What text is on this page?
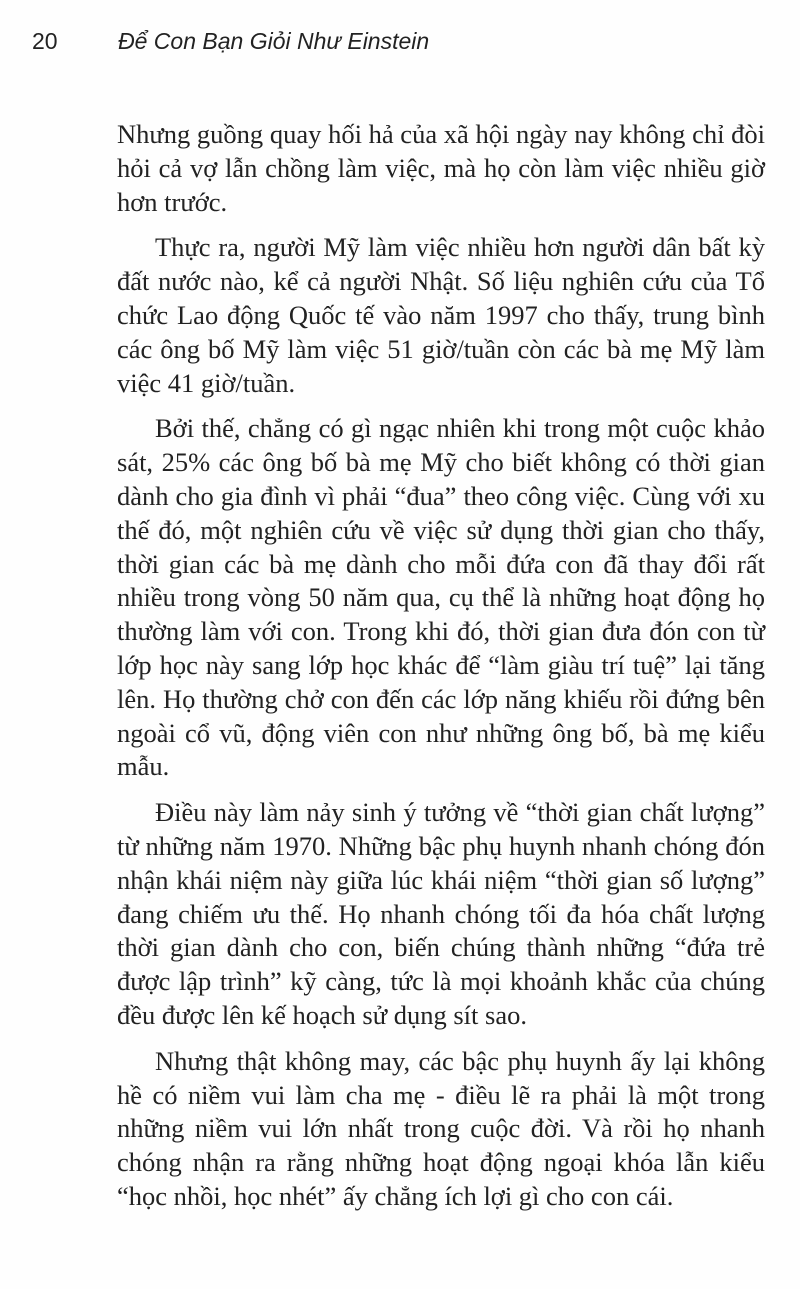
20	Để Con Bạn Giỏi Như Einstein

Nhưng guồng quay hối hả của xã hội ngày nay không chỉ đòi hỏi cả vợ lẫn chồng làm việc, mà họ còn làm việc nhiều giờ hơn trước.

Thực ra, người Mỹ làm việc nhiều hơn người dân bất kỳ đất nước nào, kể cả người Nhật. Số liệu nghiên cứu của Tổ chức Lao động Quốc tế vào năm 1997 cho thấy, trung bình các ông bố Mỹ làm việc 51 giờ/tuần còn các bà mẹ Mỹ làm việc 41 giờ/tuần.

Bởi thế, chẳng có gì ngạc nhiên khi trong một cuộc khảo sát, 25% các ông bố bà mẹ Mỹ cho biết không có thời gian dành cho gia đình vì phải “đua” theo công việc. Cùng với xu thế đó, một nghiên cứu về việc sử dụng thời gian cho thấy, thời gian các bà mẹ dành cho mỗi đứa con đã thay đổi rất nhiều trong vòng 50 năm qua, cụ thể là những hoạt động họ thường làm với con. Trong khi đó, thời gian đưa đón con từ lớp học này sang lớp học khác để “làm giàu trí tuệ” lại tăng lên. Họ thường chở con đến các lớp năng khiếu rồi đứng bên ngoài cổ vũ, động viên con như những ông bố, bà mẹ kiểu mẫu.

Điều này làm nảy sinh ý tưởng về “thời gian chất lượng” từ những năm 1970. Những bậc phụ huynh nhanh chóng đón nhận khái niệm này giữa lúc khái niệm “thời gian số lượng” đang chiếm ưu thế. Họ nhanh chóng tối đa hóa chất lượng thời gian dành cho con, biến chúng thành những “đứa trẻ được lập trình” kỹ càng, tức là mọi khoảnh khắc của chúng đều được lên kế hoạch sử dụng sít sao.

Nhưng thật không may, các bậc phụ huynh ấy lại không hề có niềm vui làm cha mẹ - điều lẽ ra phải là một trong những niềm vui lớn nhất trong cuộc đời. Và rồi họ nhanh chóng nhận ra rằng những hoạt động ngoại khóa lẫn kiểu “học nhồi, học nhét” ấy chẳng ích lợi gì cho con cái.
